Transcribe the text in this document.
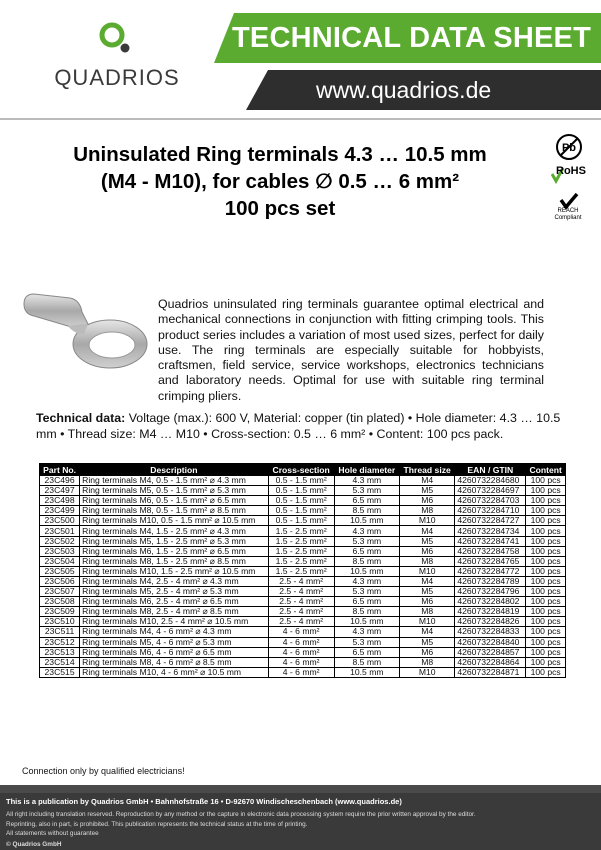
QUADRIOS
TECHNICAL DATA SHEET
www.quadrios.de
Uninsulated Ring terminals 4.3 … 10.5 mm
(M4 - M10), for cables ∅ 0.5 … 6 mm²
100 pcs set
Pb
RoHS
REACH
Compliant
Quadrios uninsulated ring terminals guarantee optimal electrical and mechanical connections in conjunction with fitting crimping tools. This product series includes a variation of most used sizes, perfect for daily use. The ring terminals are especially suitable for hobbyists, craftsmen, field service, service workshops, electronics technicians and laboratory needs. Optimal for use with suitable ring terminal crimping pliers.
Technical data: Voltage (max.): 600 V, Material: copper (tin plated) • Hole diameter: 4.3 … 10.5 mm • Thread size: M4 … M10 • Cross-section: 0.5 … 6 mm² • Content: 100 pcs pack.
Part No.	Description	Cross-section	Hole diameter	Thread size	EAN / GTIN	Content
23C496	Ring terminals M4, 0.5 - 1.5 mm² ⌀ 4.3 mm	0.5 - 1.5 mm²	4.3 mm	M4	4260732284680	100 pcs
23C497	Ring terminals M5, 0.5 - 1.5 mm² ⌀ 5.3 mm	0.5 - 1.5 mm²	5.3 mm	M5	4260732284697	100 pcs
23C498	Ring terminals M6, 0.5 - 1.5 mm² ⌀ 6.5 mm	0.5 - 1.5 mm²	6.5 mm	M6	4260732284703	100 pcs
23C499	Ring terminals M8, 0.5 - 1.5 mm² ⌀ 8.5 mm	0.5 - 1.5 mm²	8.5 mm	M8	4260732284710	100 pcs
23C500	Ring terminals M10, 0.5 - 1.5 mm² ⌀ 10.5 mm	0.5 - 1.5 mm²	10.5 mm	M10	4260732284727	100 pcs
23C501	Ring terminals M4, 1.5 - 2.5 mm² ⌀ 4.3 mm	1.5 - 2.5 mm²	4.3 mm	M4	4260732284734	100 pcs
23C502	Ring terminals M5, 1.5 - 2.5 mm² ⌀ 5.3 mm	1.5 - 2.5 mm²	5.3 mm	M5	4260732284741	100 pcs
23C503	Ring terminals M6, 1.5 - 2.5 mm² ⌀ 6.5 mm	1.5 - 2.5 mm²	6.5 mm	M6	4260732284758	100 pcs
23C504	Ring terminals M8, 1.5 - 2.5 mm² ⌀ 8.5 mm	1.5 - 2.5 mm²	8.5 mm	M8	4260732284765	100 pcs
23C505	Ring terminals M10, 1.5 - 2.5 mm² ⌀ 10.5 mm	1.5 - 2.5 mm²	10.5 mm	M10	4260732284772	100 pcs
23C506	Ring terminals M4, 2.5 - 4 mm² ⌀ 4.3 mm	2.5 - 4 mm²	4.3 mm	M4	4260732284789	100 pcs
23C507	Ring terminals M5, 2.5 - 4 mm² ⌀ 5.3 mm	2.5 - 4 mm²	5.3 mm	M5	4260732284796	100 pcs
23C508	Ring terminals M6, 2.5 - 4 mm² ⌀ 6.5 mm	2.5 - 4 mm²	6.5 mm	M6	4260732284802	100 pcs
23C509	Ring terminals M8, 2.5 - 4 mm² ⌀ 8.5 mm	2.5 - 4 mm²	8.5 mm	M8	4260732284819	100 pcs
23C510	Ring terminals M10, 2.5 - 4 mm² ⌀ 10.5 mm	2.5 - 4 mm²	10.5 mm	M10	4260732284826	100 pcs
23C511	Ring terminals M4, 4 - 6 mm² ⌀ 4.3 mm	4 - 6 mm²	4.3 mm	M4	4260732284833	100 pcs
23C512	Ring terminals M5, 4 - 6 mm² ⌀ 5.3 mm	4 - 6 mm²	5.3 mm	M5	4260732284840	100 pcs
23C513	Ring terminals M6, 4 - 6 mm² ⌀ 6.5 mm	4 - 6 mm²	6.5 mm	M6	4260732284857	100 pcs
23C514	Ring terminals M8, 4 - 6 mm² ⌀ 8.5 mm	4 - 6 mm²	8.5 mm	M8	4260732284864	100 pcs
23C515	Ring terminals M10, 4 - 6 mm² ⌀ 10.5 mm	4 - 6 mm²	10.5 mm	M10	4260732284871	100 pcs
Connection only by qualified electricians!
This is a publication by Quadrios GmbH • Bahnhofstraße 16 • D-92670 Windischeschenbach (www.quadrios.de)
All right including translation reserved. Reproduction by any method or the capture in electronic data processing system require the prior written approval by the editor. Reprinting, also in part, is prohibited. This publication represents the technical status at the time of printing.
All statements without guarantee
© Quadrios GmbH
